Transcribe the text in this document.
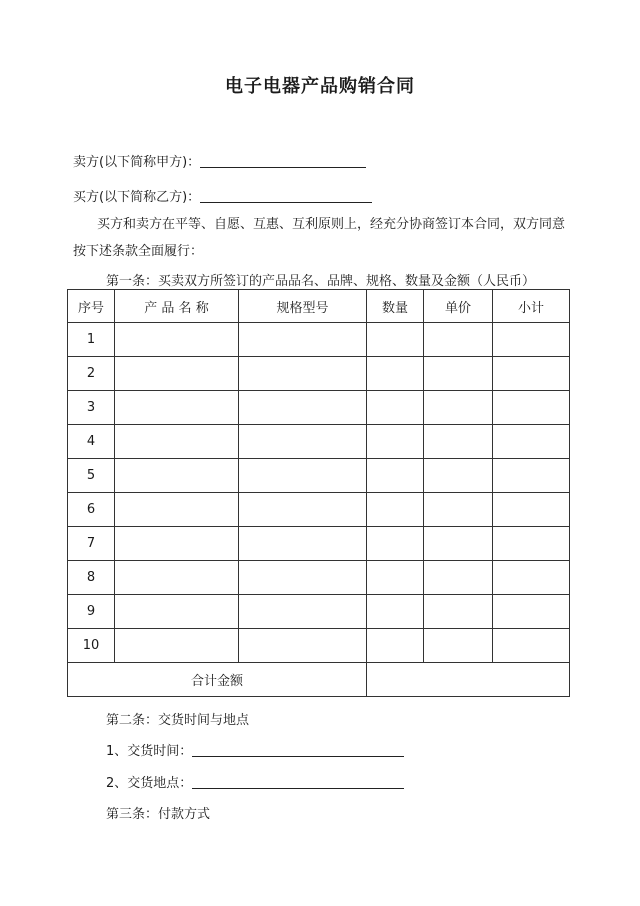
电子电器产品购销合同
卖方(以下简称甲方)：
买方(以下简称乙方)：
买方和卖方在平等、自愿、互惠、互利原则上，经充分协商签订本合同，双方同意
按下述条款全面履行：
第一条：买卖双方所签订的产品品名、品牌、规格、数量及金额（人民币）
序号	产 品 名 称	规格型号	数量	单价	小计
1					
2					
3					
4					
5					
6					
7					
8					
9					
10					
合计金额					
第二条：交货时间与地点
1、交货时间：
2、交货地点：
第三条：付款方式
